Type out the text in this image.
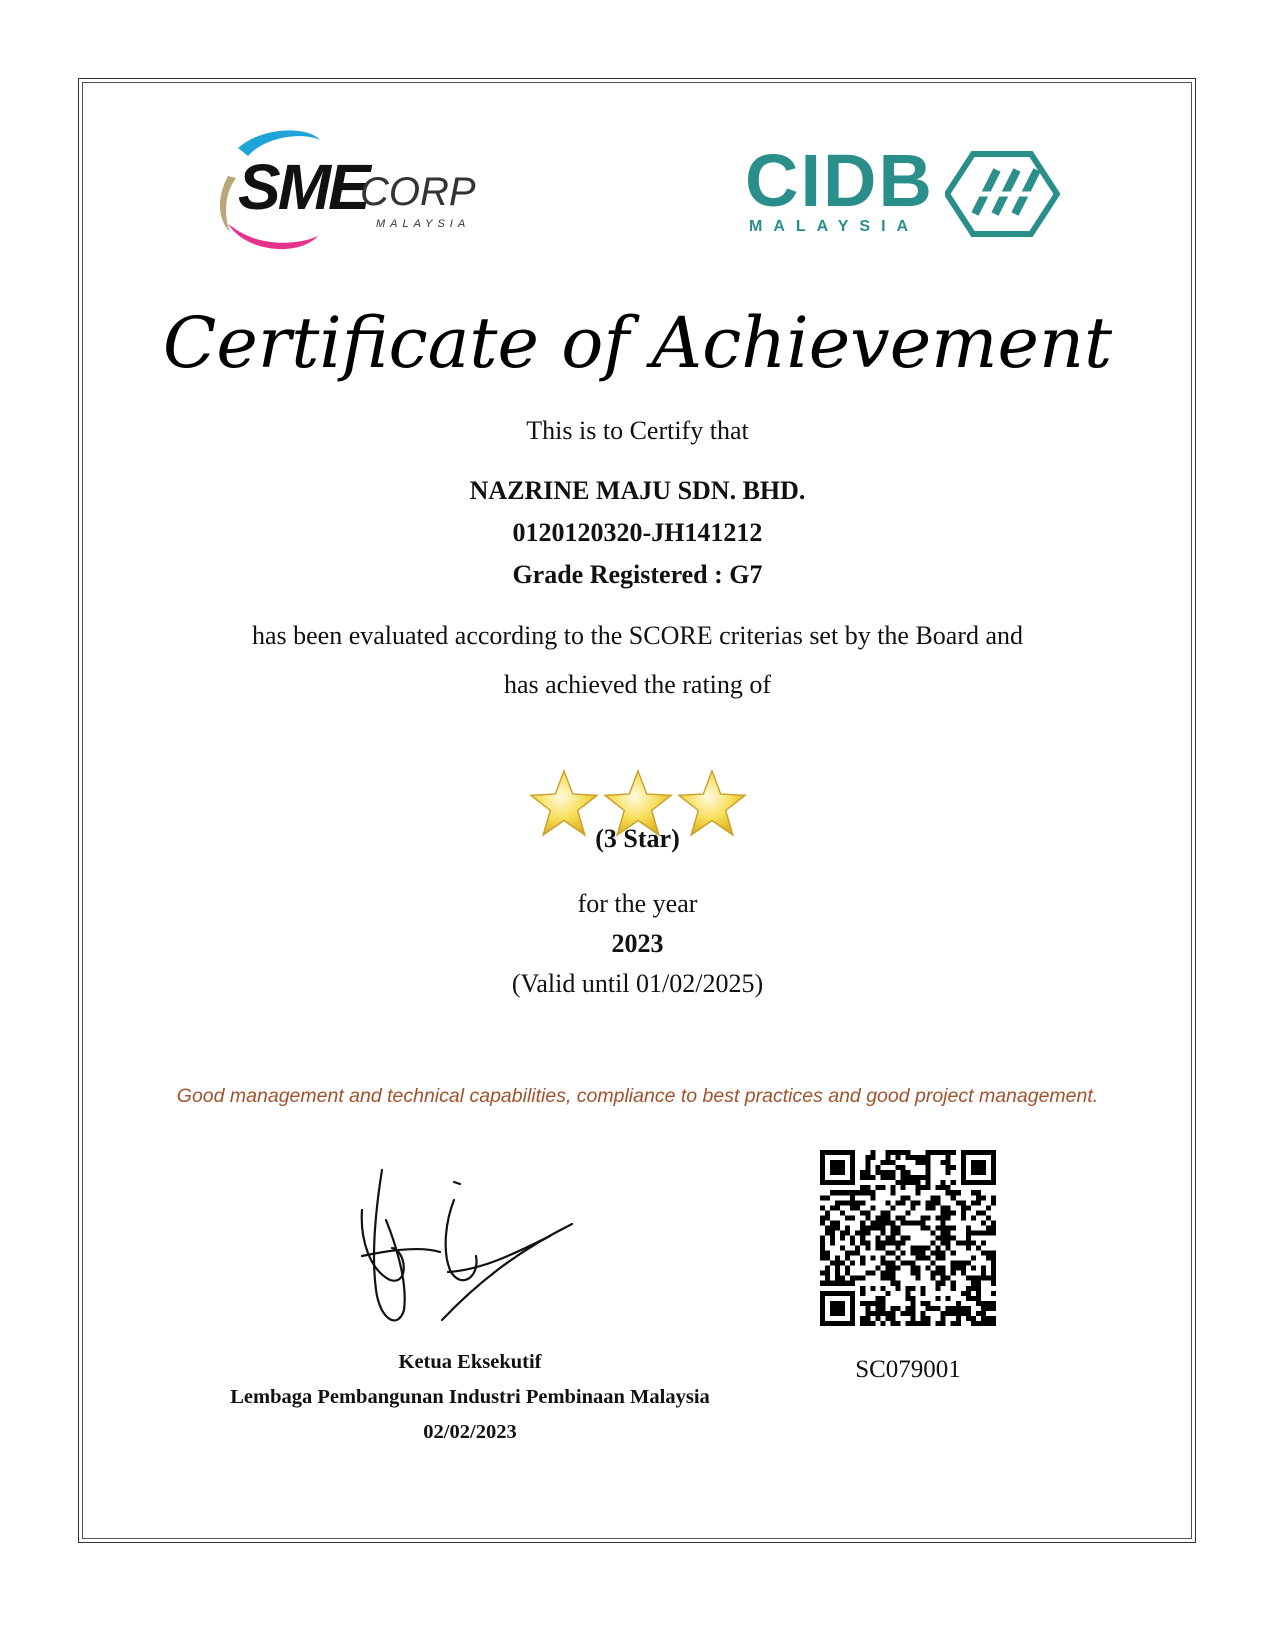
SME
CORP
MALAYSIA
CIDB
MALAYSIA
Certificate of Achievement
This is to Certify that
NAZRINE MAJU SDN. BHD.
0120120320-JH141212
Grade Registered : G7
has been evaluated according to the SCORE criterias set by the Board and
has achieved the rating of
(3 Star)
for the year
2023
(Valid until 01/02/2025)
Good management and technical capabilities, compliance to best practices and good project management.
Ketua Eksekutif
Lembaga Pembangunan Industri Pembinaan Malaysia
02/02/2023
SC079001
